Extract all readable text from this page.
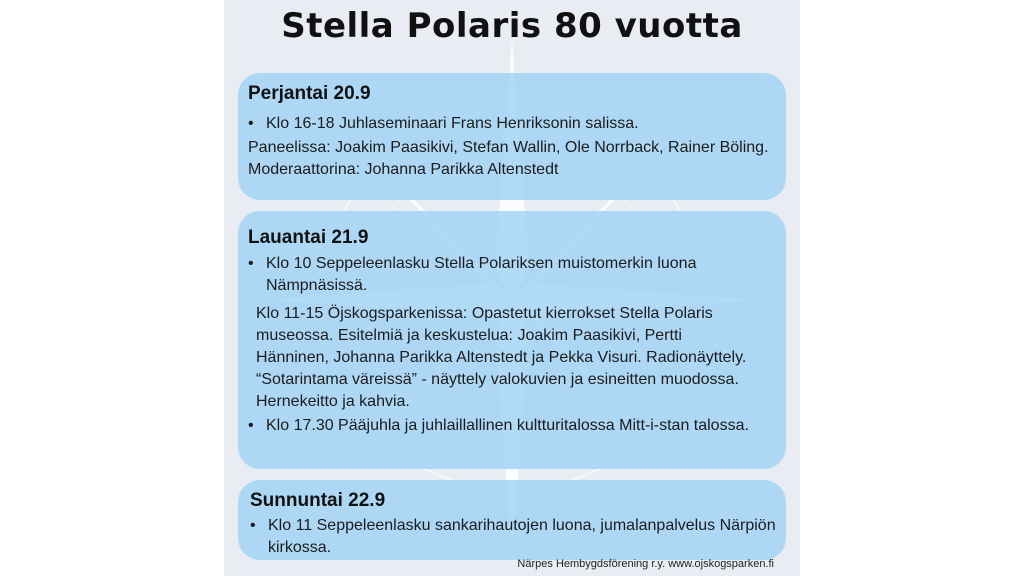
Stella Polaris 80 vuotta
Perjantai 20.9
• Klo 16-18 Juhlaseminaari Frans Henriksonin salissa.

Paneelissa: Joakim Paasikivi, Stefan Wallin, Ole Norrback, Rainer Böling. Moderaattorina: Johanna Parikka Altenstedt

Lauantai 21.9
• Klo 10 Seppeleenlasku Stella Polariksen muistomerkin luona Nämpnäsissä.

Klo 11-15 Öjskogsparkenissa: Opastetut kierrokset Stella Polaris museossa. Esitelmiä ja keskustelua: Joakim Paasikivi, Pertti Hänninen, Johanna Parikka Altenstedt ja Pekka Visuri. Radionäyttely. “Sotarintama väreissä” - näyttely valokuvien ja esineitten muodossa. Hernekeitto ja kahvia.

• Klo 17.30 Pääjuhla ja juhlaillallinen kultturitalossa Mitt-i-stan talossa.

Sunnuntai 22.9
• Klo 11 Seppeleenlasku sankarihautojen luona, jumalanpalvelus Närpiön kirkossa.

Närpes Hembygdsförening r.y. www.ojskogsparken.fi
